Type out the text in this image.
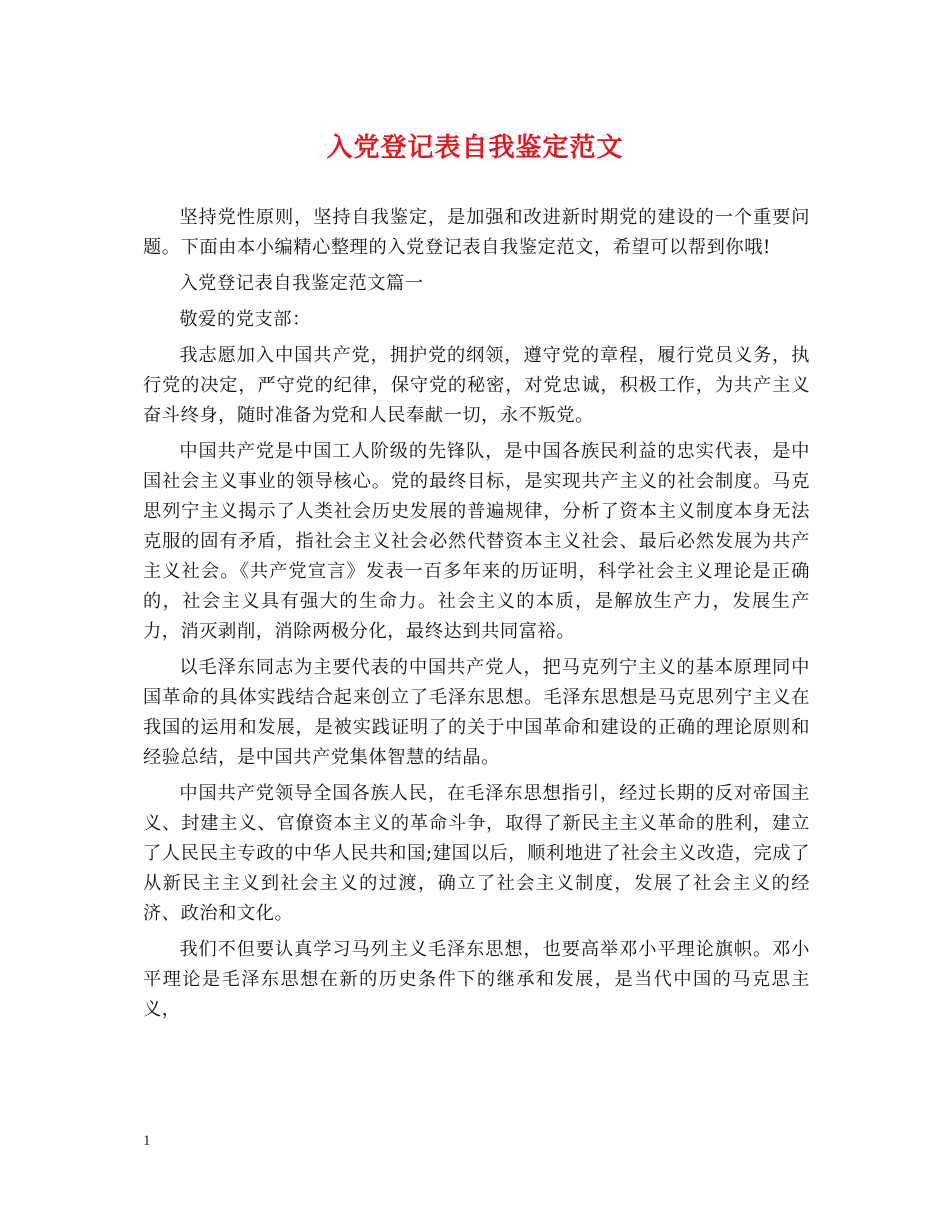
入党登记表自我鉴定范文

坚持党性原则，坚持自我鉴定，是加强和改进新时期党的建设的一个重要问题。下面由本小编精心整理的入党登记表自我鉴定范文，希望可以帮到你哦!

入党登记表自我鉴定范文篇一

敬爱的党支部：

我志愿加入中国共产党，拥护党的纲领，遵守党的章程，履行党员义务，执行党的决定，严守党的纪律，保守党的秘密，对党忠诚，积极工作，为共产主义奋斗终身，随时准备为党和人民奉献一切，永不叛党。

中国共产党是中国工人阶级的先锋队，是中国各族民利益的忠实代表，是中国社会主义事业的领导核心。党的最终目标，是实现共产主义的社会制度。马克思列宁主义揭示了人类社会历史发展的普遍规律，分析了资本主义制度本身无法克服的固有矛盾，指社会主义社会必然代替资本主义社会、最后必然发展为共产主义社会。《共产党宣言》发表一百多年来的历证明，科学社会主义理论是正确的，社会主义具有强大的生命力。社会主义的本质，是解放生产力，发展生产力，消灭剥削，消除两极分化，最终达到共同富裕。

以毛泽东同志为主要代表的中国共产党人，把马克列宁主义的基本原理同中国革命的具体实践结合起来创立了毛泽东思想。毛泽东思想是马克思列宁主义在我国的运用和发展，是被实践证明了的关于中国革命和建设的正确的理论原则和经验总结，是中国共产党集体智慧的结晶。

中国共产党领导全国各族人民，在毛泽东思想指引，经过长期的反对帝国主义、封建主义、官僚资本主义的革命斗争，取得了新民主主义革命的胜利，建立了人民民主专政的中华人民共和国;建国以后，顺利地进了社会主义改造，完成了从新民主主义到社会主义的过渡，确立了社会主义制度，发展了社会主义的经济、政治和文化。

我们不但要认真学习马列主义毛泽东思想，也要高举邓小平理论旗帜。邓小平理论是毛泽东思想在新的历史条件下的继承和发展，是当代中国的马克思主义，

1
